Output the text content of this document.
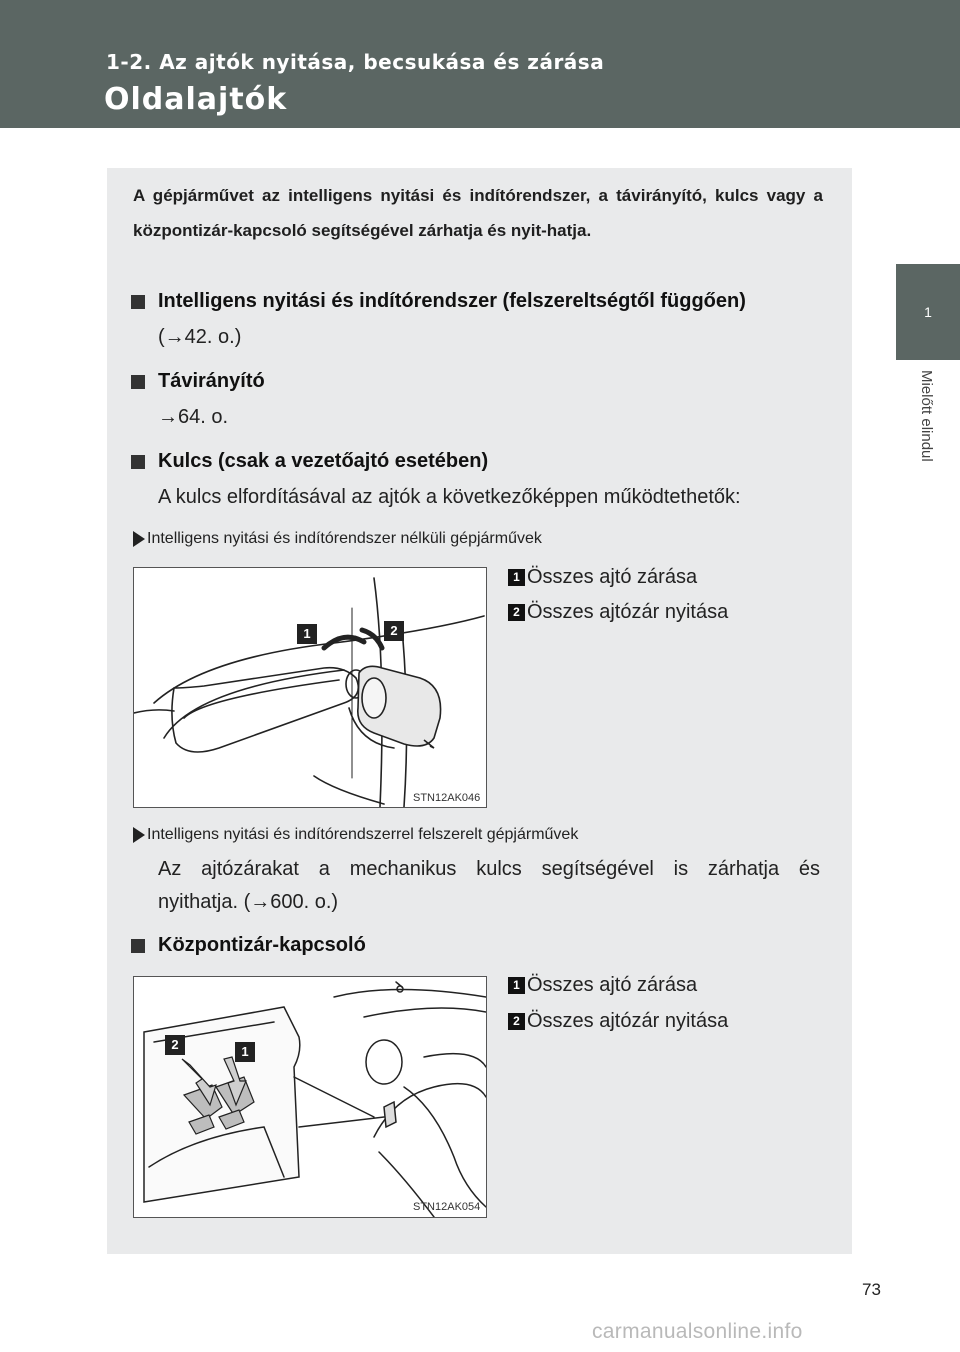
1-2. Az ajtók nyitása, becsukása és zárása
Oldalajtók
1
Mielőtt elindul
A gépjárművet az intelligens nyitási és indítórendszer, a távirányító, kulcs vagy a központizár-kapcsoló segítségével zárhatja és nyit-hatja.
Intelligens nyitási és indítórendszer (felszereltségtől függően)
(→42. o.)
Távirányító
→64. o.
Kulcs (csak a vezetőajtó esetében)
A kulcs elfordításával az ajtók a következőképpen működtethetők:
Intelligens nyitási és indítórendszer nélküli gépjárművek
1	2
STN12AK046
1 Összes ajtó zárása
2 Összes ajtózár nyitása
Intelligens nyitási és indítórendszerrel felszerelt gépjárművek
Az ajtózárakat a mechanikus kulcs segítségével is zárhatja és
nyithatja. (→600. o.)
Központizár-kapcsoló
2	1
STN12AK054
1 Összes ajtó zárása
2 Összes ajtózár nyitása
73
carmanualsonline.info
